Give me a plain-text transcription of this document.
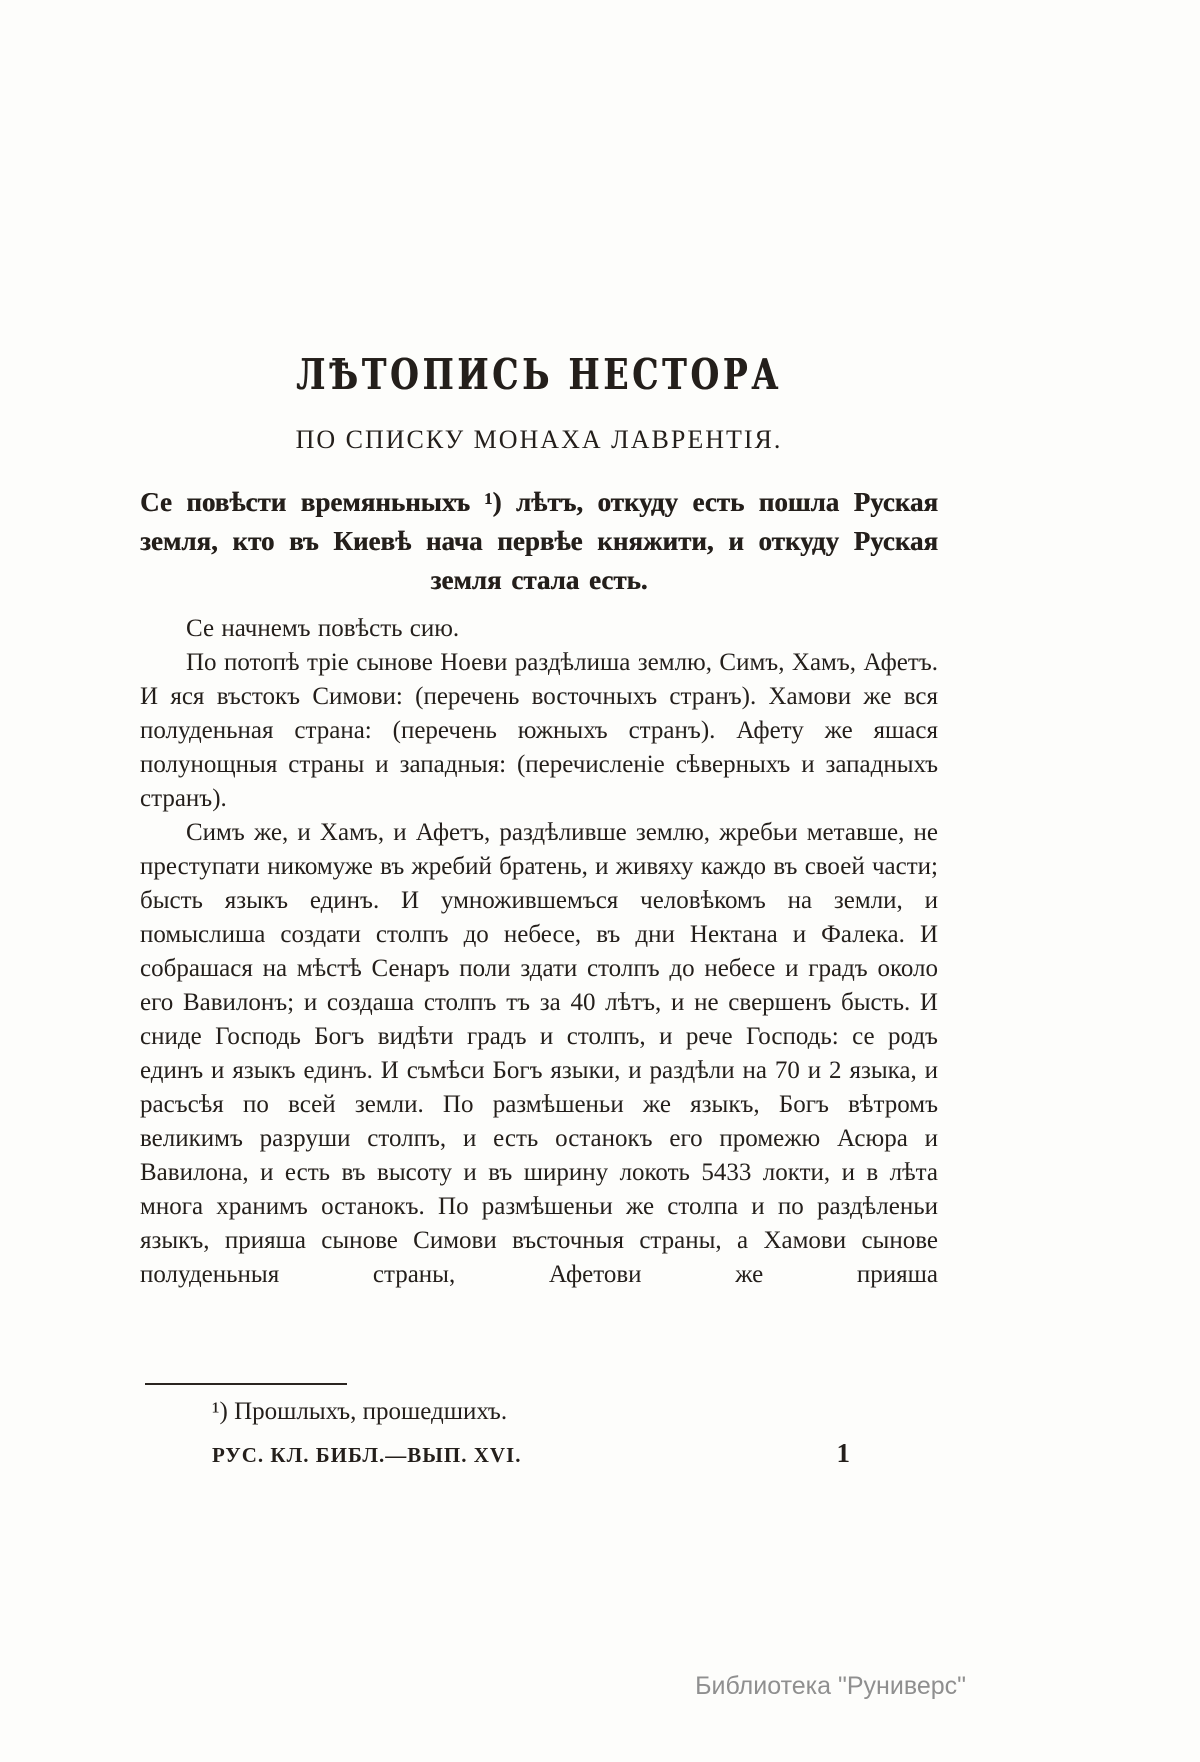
ЛѢТОПИСЬ НЕСТОРА
ПО СПИСКУ МОНАХА ЛАВРЕНТІЯ.

Се повѣсти времяньныхъ ¹) лѣтъ, откуду есть пошла Руская земля, кто въ Киевѣ нача первѣе княжити, и откуду Руская земля стала есть.

Се начнемъ повѣсть сию.

По потопѣ тріе сынове Ноеви раздѣлиша землю, Симъ, Хамъ, Афетъ. И яся въстокъ Симови: (перечень восточныхъ странъ). Хамови же вся полуденьная страна: (перечень южныхъ странъ). Афету же яшася полунощныя страны и западныя: (перечисленіе сѣверныхъ и западныхъ странъ).

Симъ же, и Хамъ, и Афетъ, раздѣливше землю, жребьи метавше, не преступати никомуже въ жребий братень, и живяху каждо въ своей части; бысть языкъ единъ. И умножившемъся человѣкомъ на земли, и помыслиша создати столпъ до небесе, въ дни Нектана и Фалека. И собрашася на мѣстѣ Сенаръ поли здати столпъ до небесе и градъ около его Вавилонъ; и создаша столпъ тъ за 40 лѣтъ, и не свершенъ бысть. И сниде Господь Богъ видѣти градъ и столпъ, и рече Господь: се родъ единъ и языкъ единъ. И съмѣси Богъ языки, и раздѣли на 70 и 2 языка, и расъсѣя по всей земли. По размѣшеньи же языкъ, Богъ вѣтромъ великимъ разруши столпъ, и есть останокъ его промежю Асюра и Вавилона, и есть въ высоту и въ ширину локоть 5433 локти, и в лѣта многа хранимъ останокъ. По размѣшеньи же столпа и по раздѣленьи языкъ, прияша сынове Симови въсточныя страны, а Хамови сынове полуденьныя страны, Афетови же прияша

¹) Прошлыхъ, прошедшихъ.

РУС. КЛ. БИБЛ.—ВЫП. XVI.	1
Библиотека "Руниверс"
